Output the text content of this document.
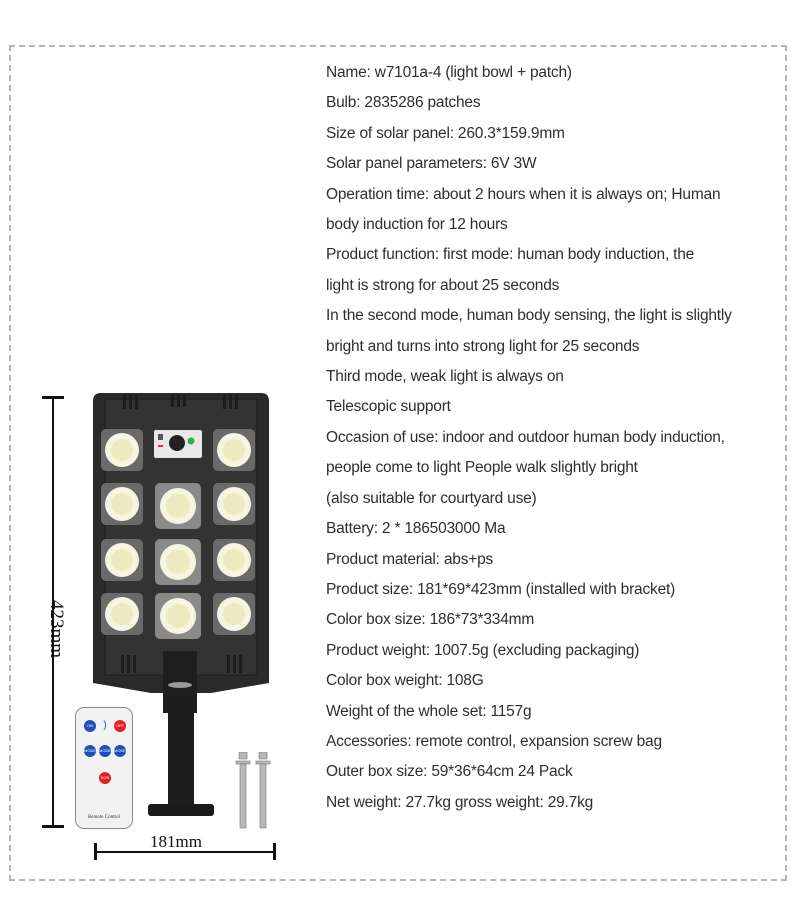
423mm
ON	)	OFF
MODE MODE MODE
SOS
Remote Control
181mm
Name: w7101a-4 (light bowl + patch)
Bulb: 2835286 patches
Size of solar panel: 260.3*159.9mm
Solar panel parameters: 6V 3W
Operation time: about 2 hours when it is always on; Human
body induction for 12 hours
Product function: first mode: human body induction, the
light is strong for about 25 seconds
In the second mode, human body sensing, the light is slightly
bright and turns into strong light for 25 seconds
Third mode, weak light is always on
Telescopic support
Occasion of use: indoor and outdoor human body induction,
people come to light People walk slightly bright
(also suitable for courtyard use)
Battery: 2 * 186503000 Ma
Product material: abs+ps
Product size: 181*69*423mm (installed with bracket)
Color box size: 186*73*334mm
Product weight: 1007.5g (excluding packaging)
Color box weight: 108G
Weight of the whole set: 1157g
Accessories: remote control, expansion screw bag
Outer box size: 59*36*64cm 24 Pack
Net weight: 27.7kg gross weight: 29.7kg
